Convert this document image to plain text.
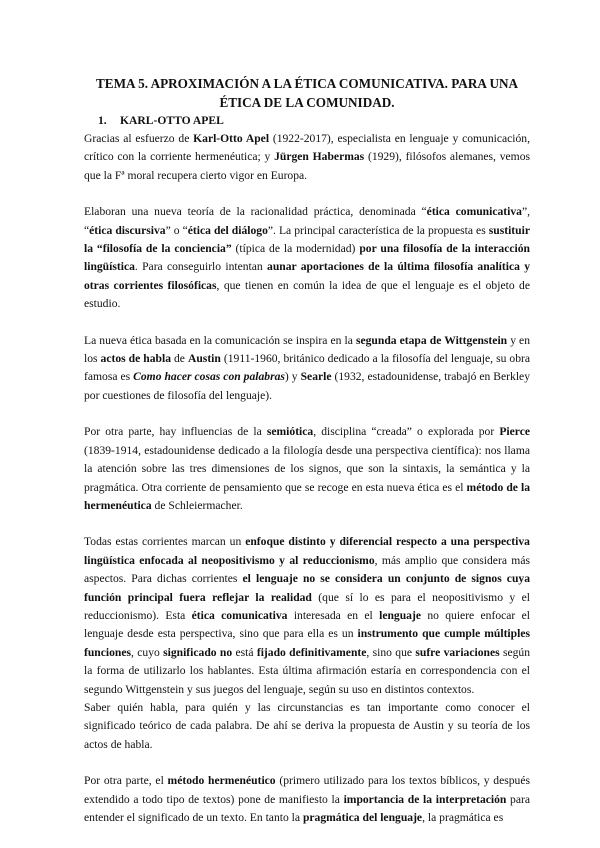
TEMA 5. APROXIMACIÓN A LA ÉTICA COMUNICATIVA. PARA UNA
ÉTICA DE LA COMUNIDAD.
1. KARL-OTTO APEL

Gracias al esfuerzo de Karl-Otto Apel (1922-2017), especialista en lenguaje y comunicación, crítico con la corriente hermenéutica; y Jürgen Habermas (1929), filósofos alemanes, vemos que la Fª moral recupera cierto vigor en Europa.

Elaboran una nueva teoría de la racionalidad práctica, denominada “ética comunicativa”, “ética discursiva” o “ética del diálogo”. La principal característica de la propuesta es sustituir la “filosofía de la conciencia” (típica de la modernidad) por una filosofía de la interacción lingüística. Para conseguirlo intentan aunar aportaciones de la última filosofía analítica y otras corrientes filosóficas, que tienen en común la idea de que el lenguaje es el objeto de estudio.

La nueva ética basada en la comunicación se inspira en la segunda etapa de Wittgenstein y en los actos de habla de Austin (1911-1960, británico dedicado a la filosofía del lenguaje, su obra famosa es Como hacer cosas con palabras) y Searle (1932, estadounidense, trabajó en Berkley por cuestiones de filosofía del lenguaje).

Por otra parte, hay influencias de la semiótica, disciplina “creada” o explorada por Pierce (1839-1914, estadounidense dedicado a la filología desde una perspectiva científica): nos llama la atención sobre las tres dimensiones de los signos, que son la sintaxis, la semántica y la pragmática. Otra corriente de pensamiento que se recoge en esta nueva ética es el método de la hermenéutica de Schleiermacher.

Todas estas corrientes marcan un enfoque distinto y diferencial respecto a una perspectiva lingüística enfocada al neopositivismo y al reduccionismo, más amplio que considera más aspectos. Para dichas corrientes el lenguaje no se considera un conjunto de signos cuya función principal fuera reflejar la realidad (que sí lo es para el neopositivismo y el reduccionismo). Esta ética comunicativa interesada en el lenguaje no quiere enfocar el lenguaje desde esta perspectiva, sino que para ella es un instrumento que cumple múltiples funciones, cuyo significado no está fijado definitivamente, sino que sufre variaciones según la forma de utilizarlo los hablantes. Esta última afirmación estaría en correspondencia con el segundo Wittgenstein y sus juegos del lenguaje, según su uso en distintos contextos.

Saber quién habla, para quién y las circunstancias es tan importante como conocer el significado teórico de cada palabra. De ahí se deriva la propuesta de Austin y su teoría de los actos de habla.

Por otra parte, el método hermenéutico (primero utilizado para los textos bíblicos, y después extendido a todo tipo de textos) pone de manifiesto la importancia de la interpretación para entender el significado de un texto. En tanto la pragmática del lenguaje, la pragmática es
